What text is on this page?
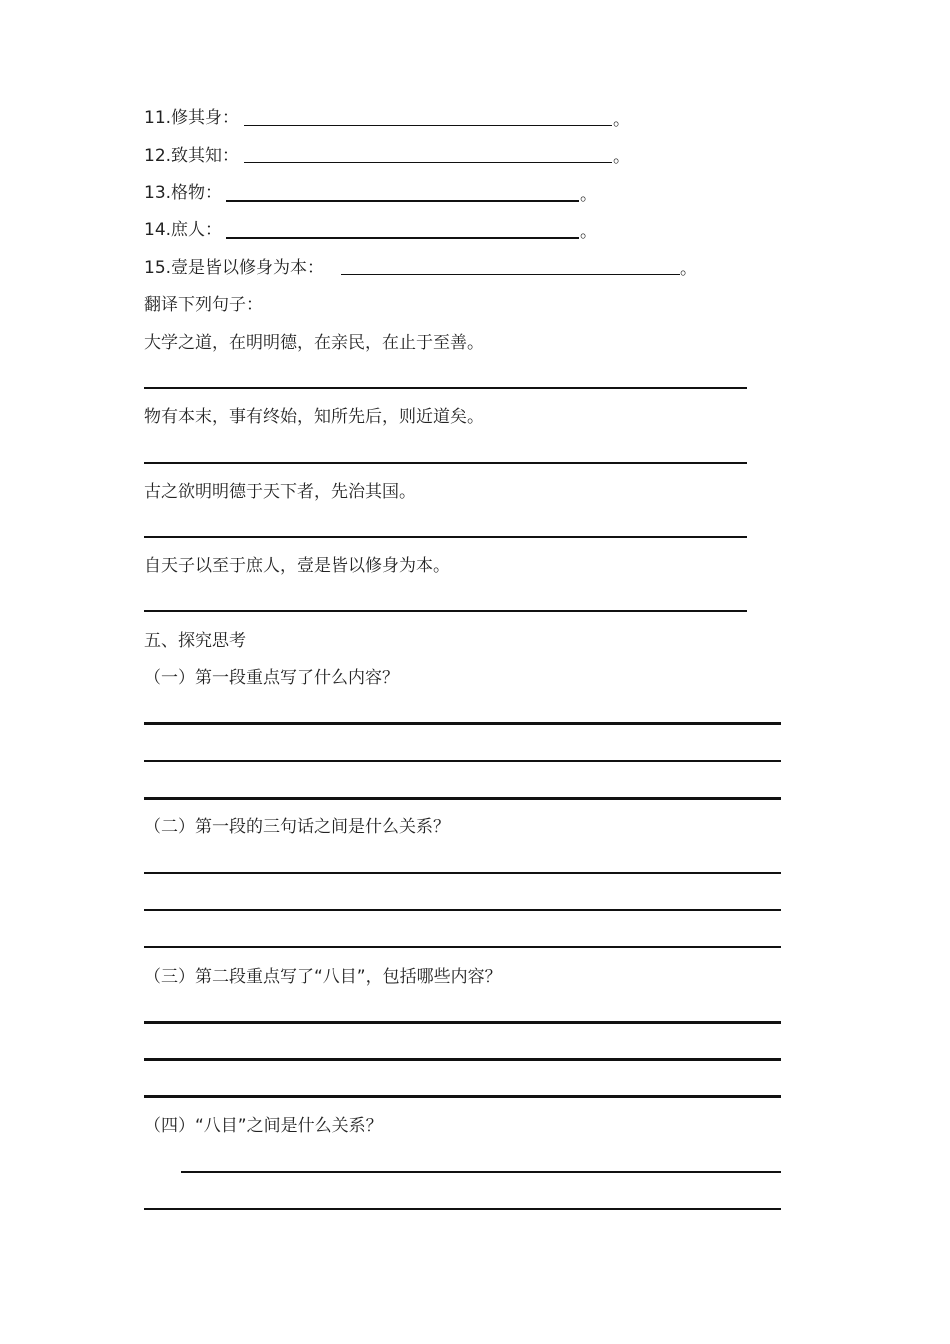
11.修其身：	。
12.致其知：	。
13.格物：	。
14.庶人：	。
15.壹是皆以修身为本：	。
翻译下列句子：
大学之道，在明明德，在亲民，在止于至善。
物有本末，事有终始，知所先后，则近道矣。
古之欲明明德于天下者，先治其国。
自天子以至于庶人，壹是皆以修身为本。
五、探究思考
（一）第一段重点写了什么内容？
（二）第一段的三句话之间是什么关系？
（三）第二段重点写了“八目”，包括哪些内容？
（四）“八目”之间是什么关系？
